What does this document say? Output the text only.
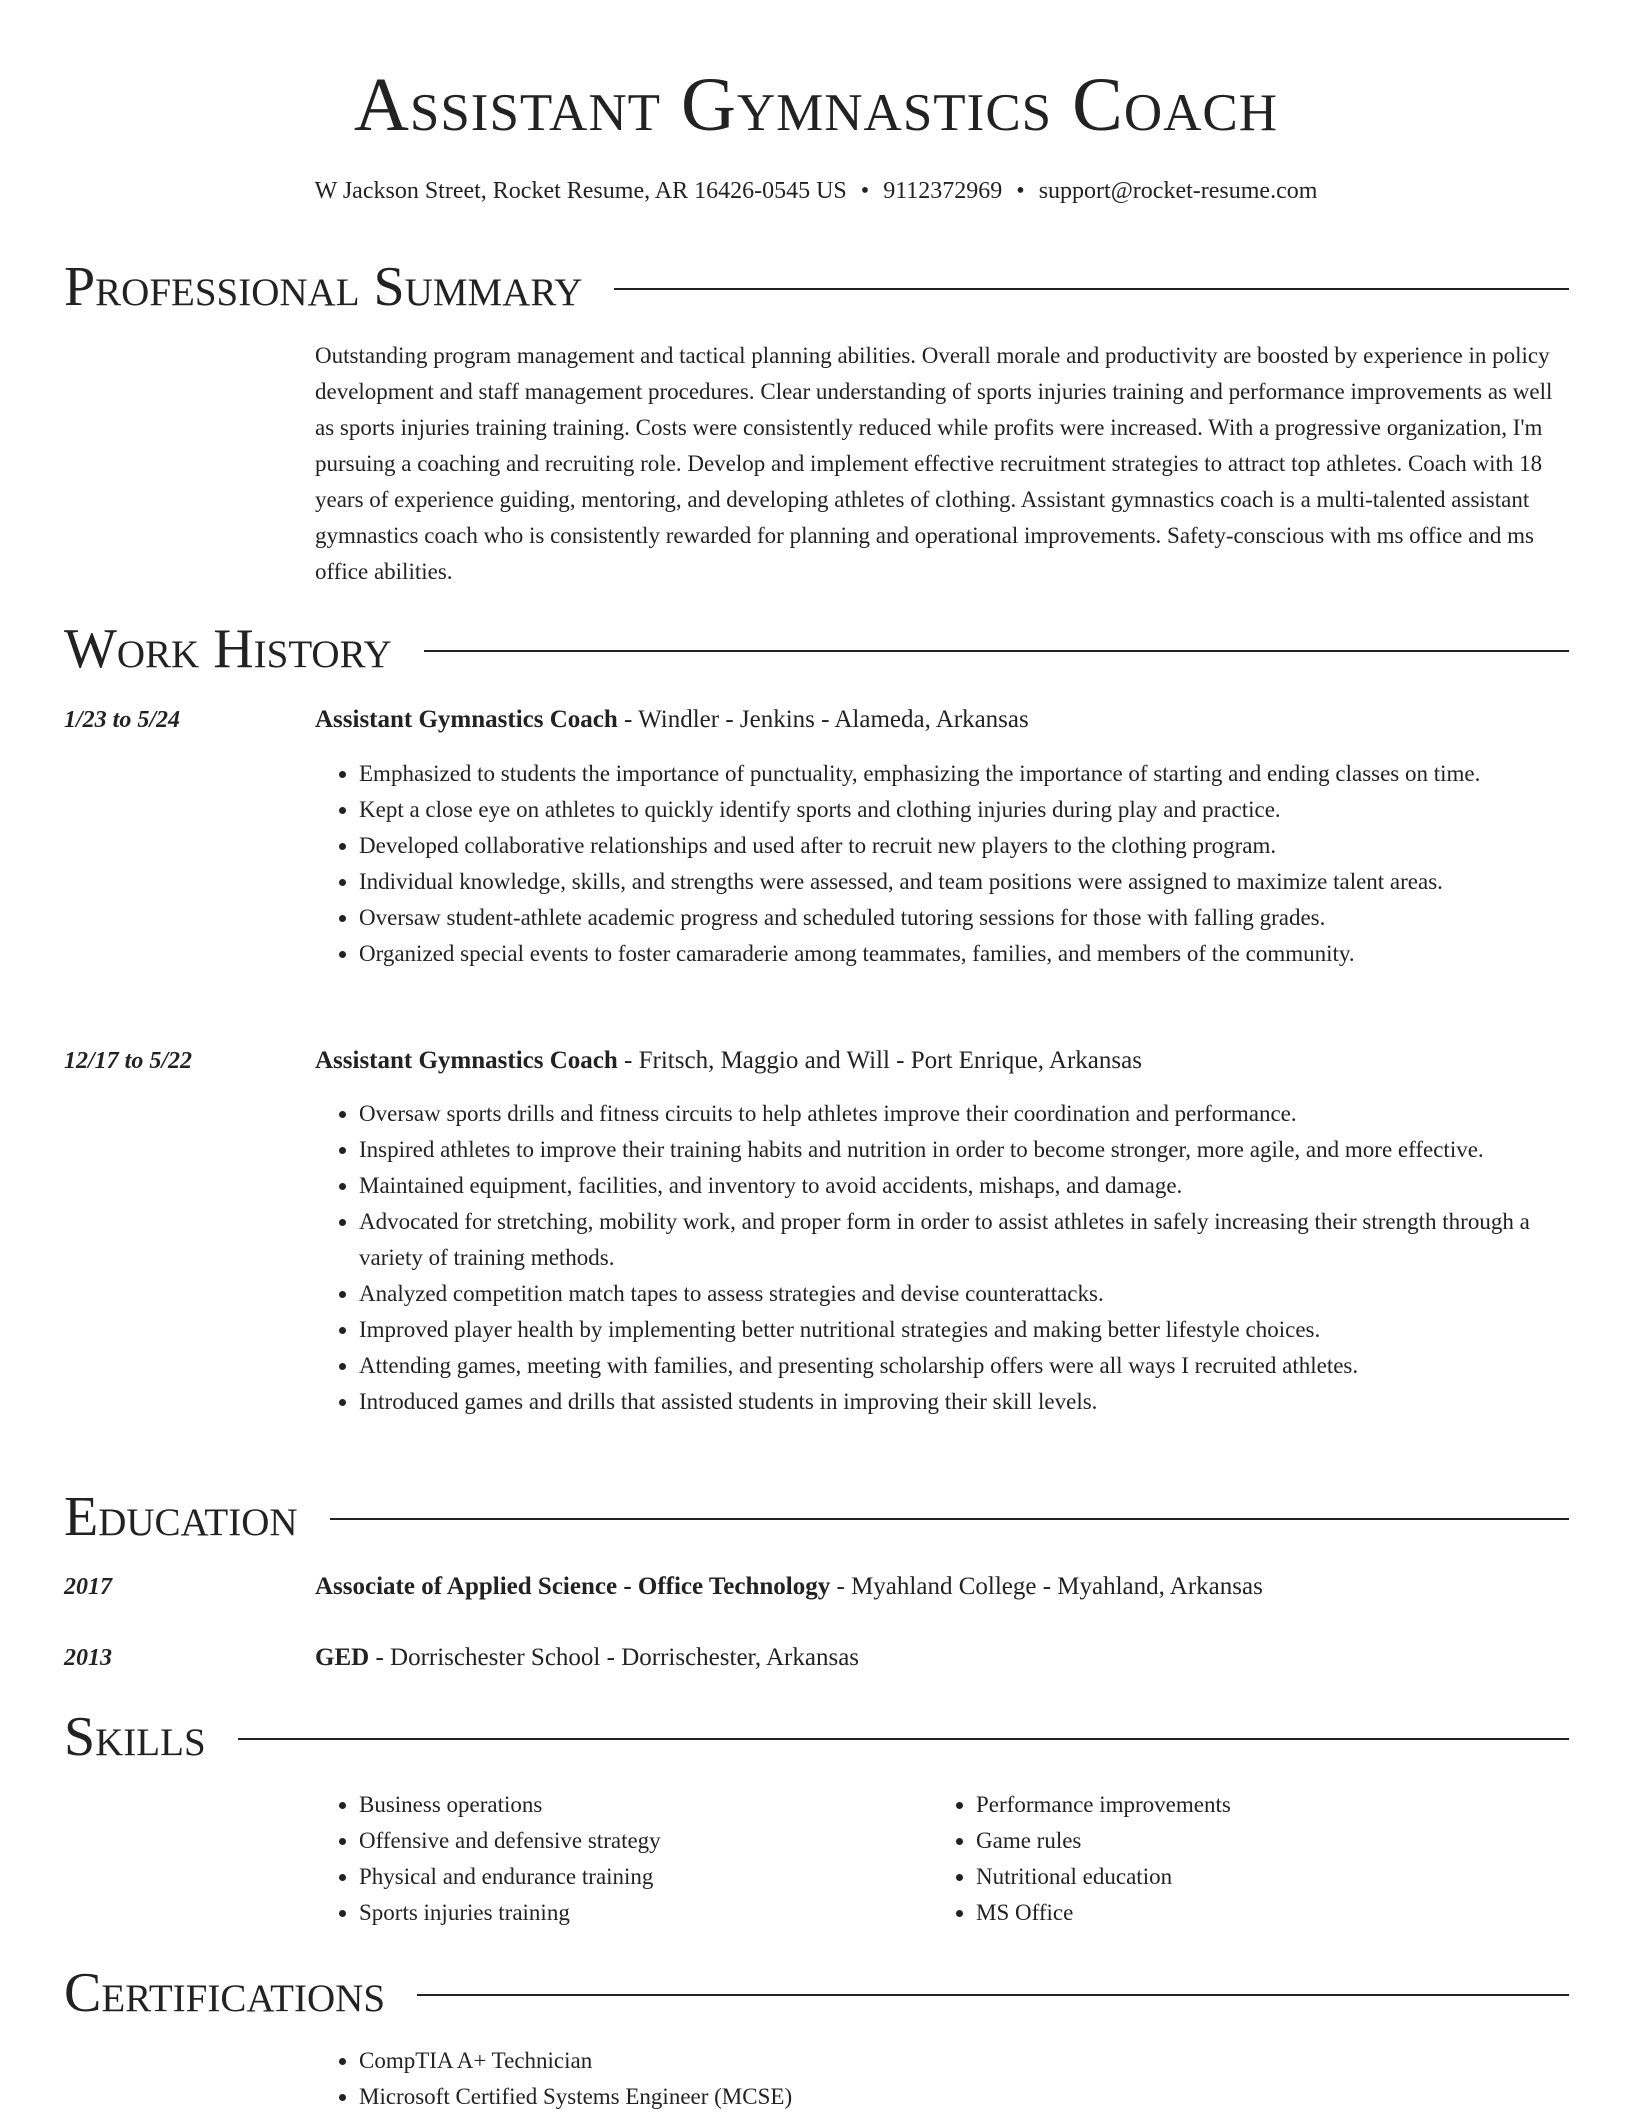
Assistant Gymnastics Coach
W Jackson Street, Rocket Resume, AR 16426-0545 US • 9112372969 • support@rocket-resume.com
Professional Summary
Outstanding program management and tactical planning abilities. Overall morale and productivity are boosted by experience in policy development and staff management procedures. Clear understanding of sports injuries training and performance improvements as well as sports injuries training training. Costs were consistently reduced while profits were increased. With a progressive organization, I'm pursuing a coaching and recruiting role. Develop and implement effective recruitment strategies to attract top athletes. Coach with 18 years of experience guiding, mentoring, and developing athletes of clothing. Assistant gymnastics coach is a multi-talented assistant gymnastics coach who is consistently rewarded for planning and operational improvements. Safety-conscious with ms office and ms office abilities.
Work History
1/23 to 5/24	Assistant Gymnastics Coach - Windler - Jenkins - Alameda, Arkansas
• Emphasized to students the importance of punctuality, emphasizing the importance of starting and ending classes on time.
• Kept a close eye on athletes to quickly identify sports and clothing injuries during play and practice.
• Developed collaborative relationships and used after to recruit new players to the clothing program.
• Individual knowledge, skills, and strengths were assessed, and team positions were assigned to maximize talent areas.
• Oversaw student-athlete academic progress and scheduled tutoring sessions for those with falling grades.
• Organized special events to foster camaraderie among teammates, families, and members of the community.
12/17 to 5/22	Assistant Gymnastics Coach - Fritsch, Maggio and Will - Port Enrique, Arkansas
• Oversaw sports drills and fitness circuits to help athletes improve their coordination and performance.
• Inspired athletes to improve their training habits and nutrition in order to become stronger, more agile, and more effective.
• Maintained equipment, facilities, and inventory to avoid accidents, mishaps, and damage.
• Advocated for stretching, mobility work, and proper form in order to assist athletes in safely increasing their strength through a variety of training methods.
• Analyzed competition match tapes to assess strategies and devise counterattacks.
• Improved player health by implementing better nutritional strategies and making better lifestyle choices.
• Attending games, meeting with families, and presenting scholarship offers were all ways I recruited athletes.
• Introduced games and drills that assisted students in improving their skill levels.
Education
2017	Associate of Applied Science - Office Technology - Myahland College - Myahland, Arkansas
2013	GED - Dorrischester School - Dorrischester, Arkansas
Skills
• Business operations
• Offensive and defensive strategy
• Physical and endurance training
• Sports injuries training
• Performance improvements
• Game rules
• Nutritional education
• MS Office
Certifications
• CompTIA A+ Technician
• Microsoft Certified Systems Engineer (MCSE)
